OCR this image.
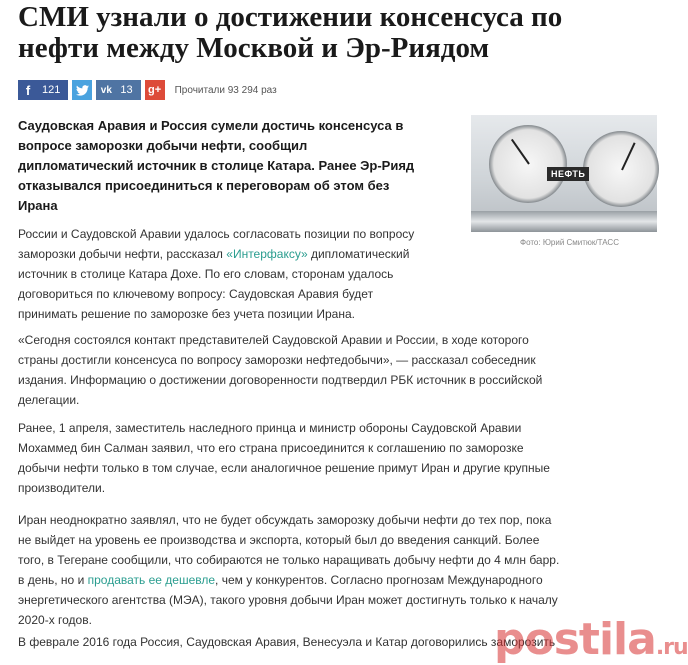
СМИ узнали о достижении консенсуса по нефти между Москвой и Эр-Риядом
f	121	vk 13	g+	Прочитали 93 294 раз
Саудовская Аравия и Россия сумели достичь консенсуса в вопросе заморозки добычи нефти, сообщил дипломатический источник в столице Катара. Ранее Эр-Рияд отказывался присоединиться к переговорам об этом без Ирана
НЕФТЬ
Фото: Юрий Смитюк/ТАСС

России и Саудовской Аравии удалось согласовать позиции по вопросу заморозки добычи нефти, рассказал «Интерфаксу» дипломатический источник в столице Катара Дохе. По его словам, сторонам удалось договориться по ключевому вопросу: Саудовская Аравия будет принимать решение по заморозке без учета позиции Ирана.

«Сегодня состоялся контакт представителей Саудовской Аравии и России, в ходе которого страны достигли консенсуса по вопросу заморозки нефтедобычи», — рассказал собеседник издания. Информацию о достижении договоренности подтвердил РБК источник в российской делегации.

Ранее, 1 апреля, заместитель наследного принца и министр обороны Саудовской Аравии Мохаммед бин Салман заявил, что его страна присоединится к соглашению по заморозке добычи нефти только в том случае, если аналогичное решение примут Иран и другие крупные производители.

Иран неоднократно заявлял, что не будет обсуждать заморозку добычи нефти до тех пор, пока не выйдет на уровень ее производства и экспорта, который был до введения санкций. Более того, в Тегеране сообщили, что собираются не только наращивать добычу нефти до 4 млн барр. в день, но и продавать ее дешевле, чем у конкурентов. Согласно прогнозам Международного энергетического агентства (МЭА), такого уровня добычи Иран может достигнуть только к началу 2020-х годов.

В феврале 2016 года Россия, Саудовская Аравия, Венесуэла и Катар договорились заморозить

postila.ru
